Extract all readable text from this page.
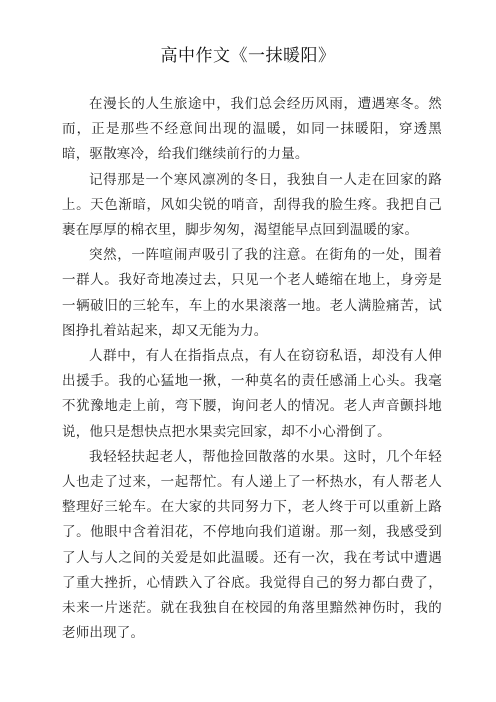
高中作文《一抹暖阳》

在漫长的人生旅途中，我们总会经历风雨，遭遇寒冬。然而，正是那些不经意间出现的温暖，如同一抹暖阳，穿透黑暗，驱散寒冷，给我们继续前行的力量。

记得那是一个寒风凛冽的冬日，我独自一人走在回家的路上。天色渐暗，风如尖锐的哨音，刮得我的脸生疼。我把自己裹在厚厚的棉衣里，脚步匆匆，渴望能早点回到温暖的家。

突然，一阵喧闹声吸引了我的注意。在街角的一处，围着一群人。我好奇地凑过去，只见一个老人蜷缩在地上，身旁是一辆破旧的三轮车，车上的水果滚落一地。老人满脸痛苦，试图挣扎着站起来，却又无能为力。

人群中，有人在指指点点，有人在窃窃私语，却没有人伸出援手。我的心猛地一揪，一种莫名的责任感涌上心头。我毫不犹豫地走上前，弯下腰，询问老人的情况。老人声音颤抖地说，他只是想快点把水果卖完回家，却不小心滑倒了。

我轻轻扶起老人，帮他捡回散落的水果。这时，几个年轻人也走了过来，一起帮忙。有人递上了一杯热水，有人帮老人整理好三轮车。在大家的共同努力下，老人终于可以重新上路了。他眼中含着泪花，不停地向我们道谢。那一刻，我感受到了人与人之间的关爱是如此温暖。还有一次，我在考试中遭遇了重大挫折，心情跌入了谷底。我觉得自己的努力都白费了，未来一片迷茫。就在我独自在校园的角落里黯然神伤时，我的老师出现了。
